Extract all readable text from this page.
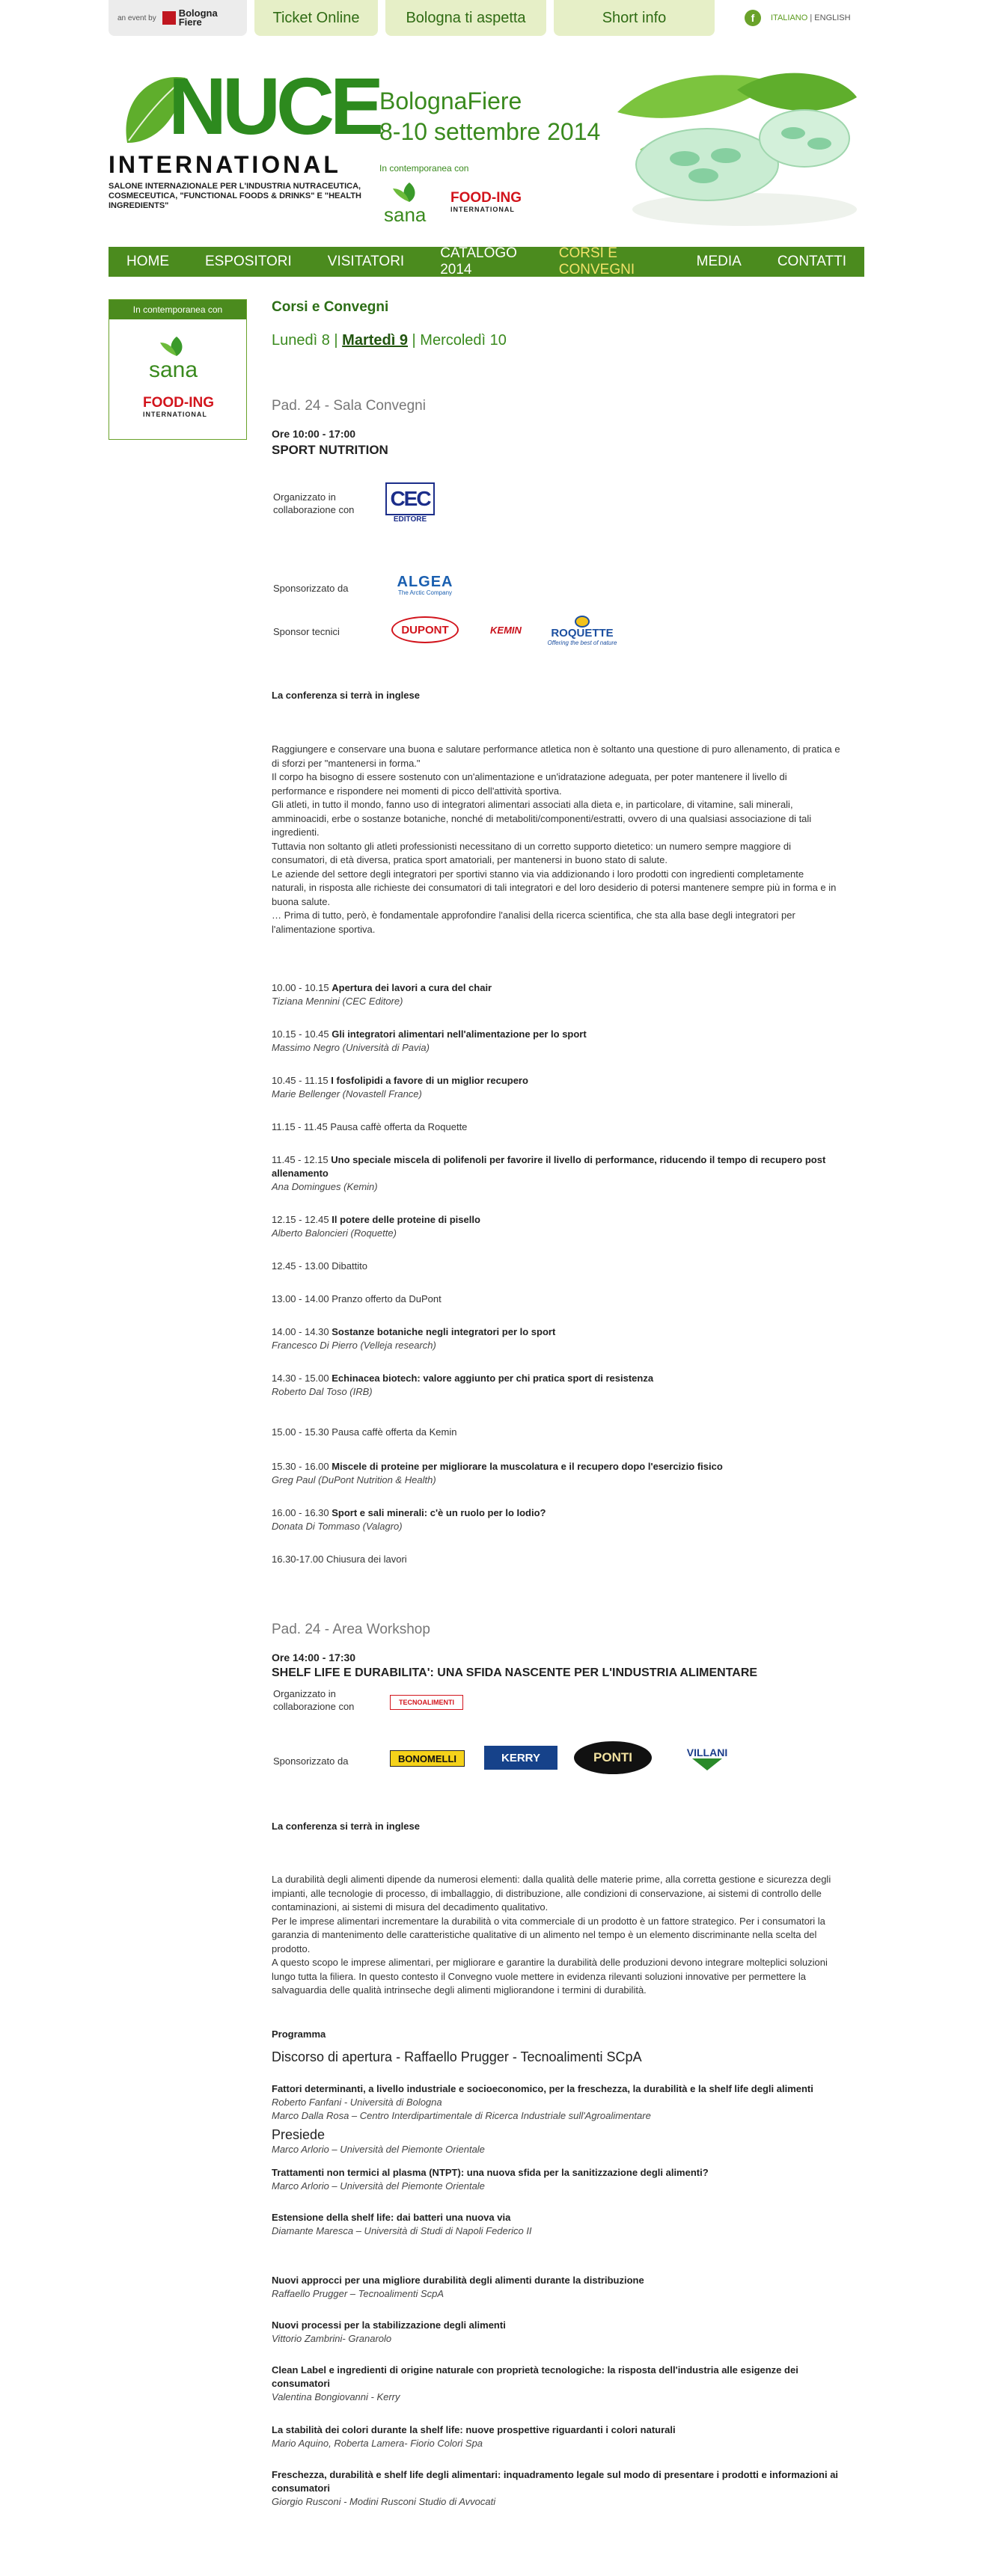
an event by Bologna Fiere	Ticket Online	Bologna ti aspetta	Short info	f	ITALIANO | ENGLISH
NUCE
INTERNATIONAL
SALONE INTERNAZIONALE PER L'INDUSTRIA NUTRACEUTICA, COSMECEUTICA, "FUNCTIONAL FOODS & DRINKS" E "HEALTH INGREDIENTS"
BolognaFiere
8-10 settembre 2014
In contemporanea con
sana
FOOD-ING
INTERNATIONAL
HOME	ESPOSITORI	VISITATORI
CATALOGO 2014
CORSI E CONVEGNI
MEDIA	CONTATTI
In contemporanea con
sana
FOOD-ING
INTERNATIONAL
Corsi e Convegni
Lunedì 8 | Martedì 9 | Mercoledì 10
Pad. 24 - Sala Convegni
Ore 10:00 - 17:00
SPORT NUTRITION
Organizzato in collaborazione con	CEC
EDITORE
Sponsorizzato da	ALGEA
The Arctic Company
Sponsor tecnici	DUPONT	KEMIN	ROQUETTE
Offering the best of nature
La conferenza si terrà in inglese
Raggiungere e conservare una buona e salutare performance atletica non è soltanto una questione di puro allenamento, di pratica e di sforzi per "mantenersi in forma."
Il corpo ha bisogno di essere sostenuto con un'alimentazione e un'idratazione adeguata, per poter mantenere il livello di performance e rispondere nei momenti di picco dell'attività sportiva.
Gli atleti, in tutto il mondo, fanno uso di integratori alimentari associati alla dieta e, in particolare, di vitamine, sali minerali, amminoacidi, erbe o sostanze botaniche, nonché di metaboliti/componenti/estratti, ovvero di una qualsiasi associazione di tali ingredienti.
Tuttavia non soltanto gli atleti professionisti necessitano di un corretto supporto dietetico: un numero sempre maggiore di consumatori, di età diversa, pratica sport amatoriali, per mantenersi in buono stato di salute.
Le aziende del settore degli integratori per sportivi stanno via via addizionando i loro prodotti con ingredienti completamente naturali, in risposta alle richieste dei consumatori di tali integratori e del loro desiderio di potersi mantenere sempre più in forma e in buona salute.
… Prima di tutto, però, è fondamentale approfondire l'analisi della ricerca scientifica, che sta alla base degli integratori per l'alimentazione sportiva.
10.00 - 10.15 Apertura dei lavori a cura del chair
Tiziana Mennini (CEC Editore)
10.15 - 10.45 Gli integratori alimentari nell'alimentazione per lo sport
Massimo Negro (Università di Pavia)
10.45 - 11.15 I fosfolipidi a favore di un miglior recupero
Marie Bellenger (Novastell France)
11.15 - 11.45 Pausa caffè offerta da Roquette
11.45 - 12.15 Uno speciale miscela di polifenoli per favorire il livello di performance, riducendo il tempo di recupero post allenamento
Ana Domingues (Kemin)
12.15 - 12.45 Il potere delle proteine di pisello
Alberto Baloncieri (Roquette)
12.45 - 13.00 Dibattito
13.00 - 14.00 Pranzo offerto da DuPont
14.00 - 14.30 Sostanze botaniche negli integratori per lo sport
Francesco Di Pierro (Velleja research)
14.30 - 15.00 Echinacea biotech: valore aggiunto per chi pratica sport di resistenza
Roberto Dal Toso (IRB)
15.00 - 15.30 Pausa caffè offerta da Kemin
15.30 - 16.00 Miscele di proteine per migliorare la muscolatura e il recupero dopo l'esercizio fisico
Greg Paul (DuPont Nutrition & Health)
16.00 - 16.30 Sport e sali minerali: c'è un ruolo per lo Iodio?
Donata Di Tommaso (Valagro)
16.30-17.00 Chiusura dei lavori
Pad. 24 - Area Workshop
Ore 14:00 - 17:30
SHELF LIFE E DURABILITA': UNA SFIDA NASCENTE PER L'INDUSTRIA ALIMENTARE
Organizzato in collaborazione con	TECNOALIMENTI
Sponsorizzato da	BONOMELLI	KERRY	PONTI	VILLANI
La conferenza si terrà in inglese
La durabilità degli alimenti dipende da numerosi elementi: dalla qualità delle materie prime, alla corretta gestione e sicurezza degli impianti, alle tecnologie di processo, di imballaggio, di distribuzione, alle condizioni di conservazione, ai sistemi di controllo delle contaminazioni, ai sistemi di misura del decadimento qualitativo.
Per le imprese alimentari incrementare la durabilità o vita commerciale di un prodotto è un fattore strategico. Per i consumatori la garanzia di mantenimento delle caratteristiche qualitative di un alimento nel tempo è un elemento discriminante nella scelta del prodotto.
A questo scopo le imprese alimentari, per migliorare e garantire la durabilità delle produzioni devono integrare molteplici soluzioni lungo tutta la filiera. In questo contesto il Convegno vuole mettere in evidenza rilevanti soluzioni innovative per permettere la salvaguardia delle qualità intrinseche degli alimenti migliorandone i termini di durabilità.
Programma
Discorso di apertura - Raffaello Prugger - Tecnoalimenti SCpA
Fattori determinanti, a livello industriale e socioeconomico, per la freschezza, la durabilità e la shelf life degli alimenti
Roberto Fanfani - Università di Bologna
Marco Dalla Rosa – Centro Interdipartimentale di Ricerca Industriale sull'Agroalimentare
Presiede
Marco Arlorio – Università del Piemonte Orientale
Trattamenti non termici al plasma (NTPT): una nuova sfida per la sanitizzazione degli alimenti?
Marco Arlorio – Università del Piemonte Orientale
Estensione della shelf life: dai batteri una nuova via
Diamante Maresca – Università di Studi di Napoli Federico II
Nuovi approcci per una migliore durabilità degli alimenti durante la distribuzione
Raffaello Prugger – Tecnoalimenti ScpA
Nuovi processi per la stabilizzazione degli alimenti
Vittorio Zambrini- Granarolo
Clean Label e ingredienti di origine naturale con proprietà tecnologiche: la risposta dell'industria alle esigenze dei consumatori
Valentina Bongiovanni - Kerry
La stabilità dei colori durante la shelf life: nuove prospettive riguardanti i colori naturali
Mario Aquino, Roberta Lamera- Fiorio Colori Spa
Freschezza, durabilità e shelf life degli alimentari: inquadramento legale sul modo di presentare i prodotti e informazioni ai consumatori
Giorgio Rusconi - Modini Rusconi Studio di Avvocati
